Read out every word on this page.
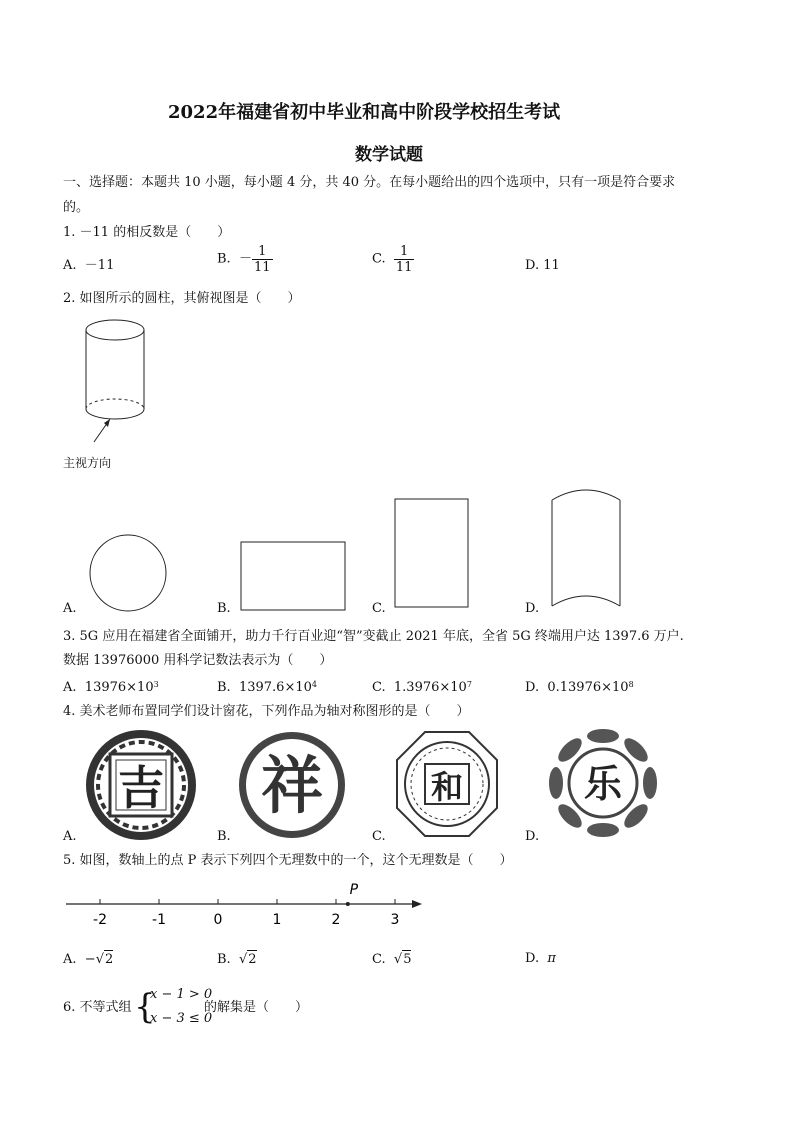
2022年福建省初中毕业和高中阶段学校招生考试
数学试题
一、选择题：本题共 10 小题，每小题 4 分，共 40 分。在每小题给出的四个选项中，只有一项是符合要求
的。
1. －11 的相反数是（　　）
A. －11	B. － $\frac{1}{11}$	C. $\frac{1}{11}$	D. 11
2. 如图所示的圆柱，其俯视图是（　　）
主视方向
A.	B.	C.	D.
3. 5G 应用在福建省全面铺开，助力千行百业迎“智”变截止 2021 年底，全省 5G 终端用户达 1397.6 万户.
数据 13976000 用科学记数法表示为（　　）
A. $13976\times 10^3$	B. $1397.6\times 10^4$	C. $1.3976\times 10^7$	D. $0.13976\times 10^8$
4. 美术老师布置同学们设计窗花，下列作品为轴对称图形的是（　　）
吉 祥	和	乐
A.	B.	C.	D.
5. 如图，数轴上的点 P 表示下列四个无理数中的一个，这个无理数是（　　）
-2	-1	0	1	2	3
P
A. −√2	B.  √2	C.  √5	D. π
6. 不等式组 {
x − 1 > 0
x − 3 ≤ 0
的解集是（　　）
